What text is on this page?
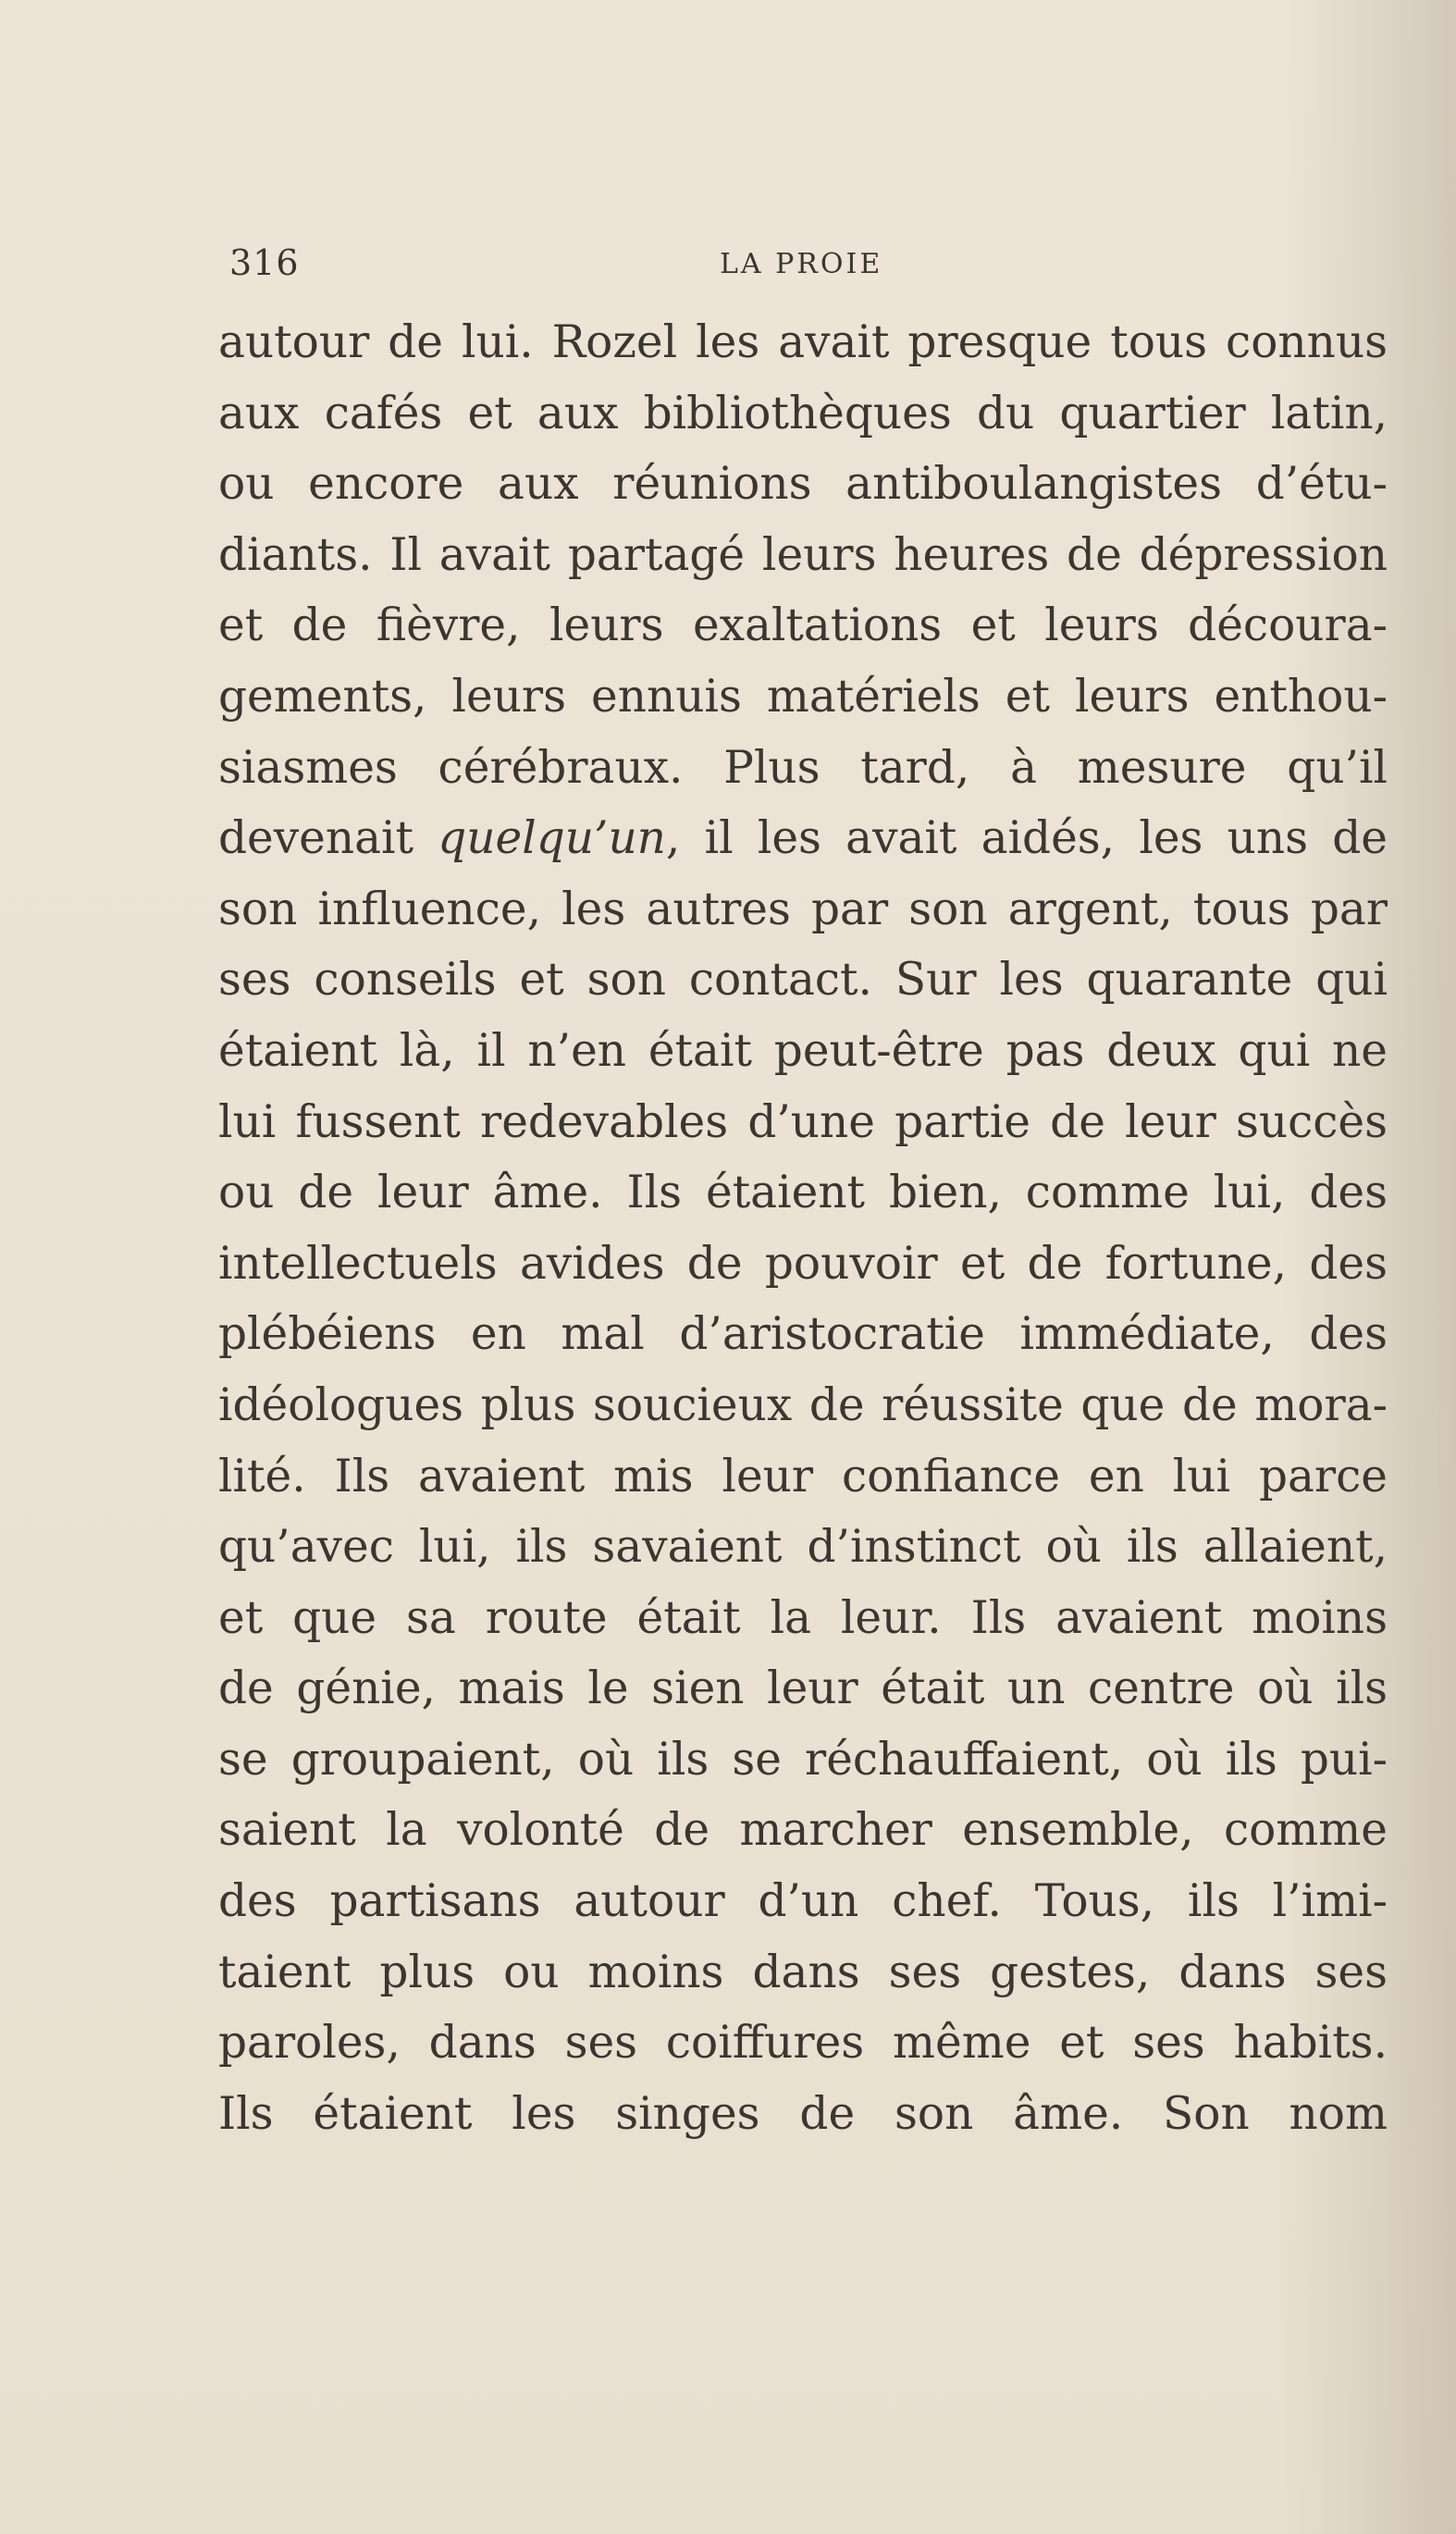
316	LA PROIE
autour de lui. Rozel les avait presque tous connus
aux cafés et aux bibliothèques du quartier latin,
ou encore aux réunions antiboulangistes d’étu-
diants. Il avait partagé leurs heures de dépression
et de fièvre, leurs exaltations et leurs découra-
gements, leurs ennuis matériels et leurs enthou-
siasmes cérébraux. Plus tard, à mesure qu’il
devenait quelqu’un, il les avait aidés, les uns de
son influence, les autres par son argent, tous par
ses conseils et son contact. Sur les quarante qui
étaient là, il n’en était peut-être pas deux qui ne
lui fussent redevables d’une partie de leur succès
ou de leur âme. Ils étaient bien, comme lui, des
intellectuels avides de pouvoir et de fortune, des
plébéiens en mal d’aristocratie immédiate, des
idéologues plus soucieux de réussite que de mora-
lité. Ils avaient mis leur confiance en lui parce
qu’avec lui, ils savaient d’instinct où ils allaient,
et que sa route était la leur. Ils avaient moins
de génie, mais le sien leur était un centre où ils
se groupaient, où ils se réchauffaient, où ils pui-
saient la volonté de marcher ensemble, comme
des partisans autour d’un chef. Tous, ils l’imi-
taient plus ou moins dans ses gestes, dans ses
paroles, dans ses coiffures même et ses habits.
Ils étaient les singes de son âme. Son nom
